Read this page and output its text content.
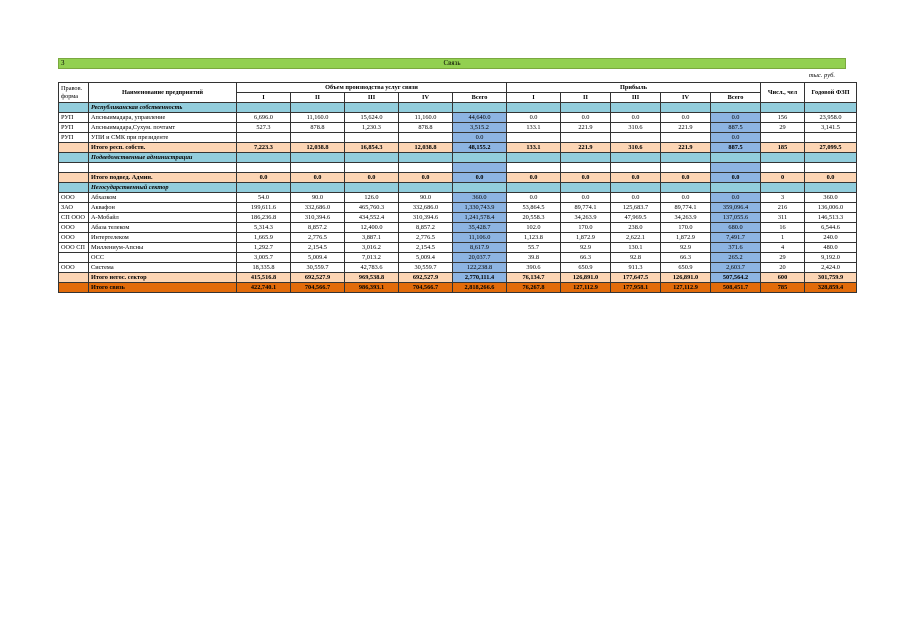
3	Связь
тыс. руб.
Правов. форма	Наименование предприятий	Объем производства услуг связи					Прибыль					Числ., чел	Годовой ФЗП
		I	II	III	IV	Всего	I	II	III	IV	Всего		
	Республиканская собственность												
РУП	Апсныимадара, управление	6,696.0	11,160.0	15,624.0	11,160.0	44,640.0	0.0	0.0	0.0	0.0	0.0	156	23,958.0
РУП	Апсныимадара,Сухум. почтамт	527.3	878.8	1,230.3	878.8	3,515.2	133.1	221.9	310.6	221.9	887.5	29	3,141.5
РУП	УПИ и СМК при президенте					0.0					0.0		
	Итого респ. собств.	7,223.3	12,038.8	16,854.3	12,038.8	48,155.2	133.1	221.9	310.6	221.9	887.5	185	27,099.5
	Подведомственные администрации												

	Итого подвед. Админ.	0.0	0.0	0.0	0.0	0.0	0.0	0.0	0.0	0.0	0.0	0	0.0
	Негосударственный сектор												
ООО	Абхазком	54.0	90.0	126.0	90.0	360.0	0.0	0.0	0.0	0.0	0.0	3	360.0
ЗАО	Аквафон	199,611.6	332,686.0	465,760.3	332,686.0	1,330,743.9	53,864.5	89,774.1	125,683.7	89,774.1	359,096.4	216	136,006.0
СП ООО	А-Мобайл	186,236.8	310,394.6	434,552.4	310,394.6	1,241,578.4	20,558.3	34,263.9	47,969.5	34,263.9	137,055.6	311	146,513.3
ООО	Абаза телеком	5,314.3	8,857.2	12,400.0	8,857.2	35,428.7	102.0	170.0	238.0	170.0	680.0	16	6,544.6
ООО	Интертелеком	1,665.9	2,776.5	3,887.1	2,776.5	11,106.0	1,123.8	1,872.9	2,622.1	1,872.9	7,491.7	1	240.0
ООО СП	Миллениум-Апсны	1,292.7	2,154.5	3,016.2	2,154.5	8,617.9	55.7	92.9	130.1	92.9	371.6	4	480.0
	ОСС	3,005.7	5,009.4	7,013.2	5,009.4	20,037.7	39.8	66.3	92.8	66.3	265.2	29	9,192.0
ООО	Система	18,335.8	30,559.7	42,783.6	30,559.7	122,238.8	390.6	650.9	911.3	650.9	2,603.7	20	2,424.0
	Итого негос. сектор	415,516.8	692,527.9	969,538.8	692,527.9	2,770,111.4	76,134.7	126,891.0	177,647.5	126,891.0	507,564.2	600	301,759.9
	Итого связь	422,740.1	704,566.7	986,393.1	704,566.7	2,818,266.6	76,267.8	127,112.9	177,958.1	127,112.9	508,451.7	785	328,859.4
